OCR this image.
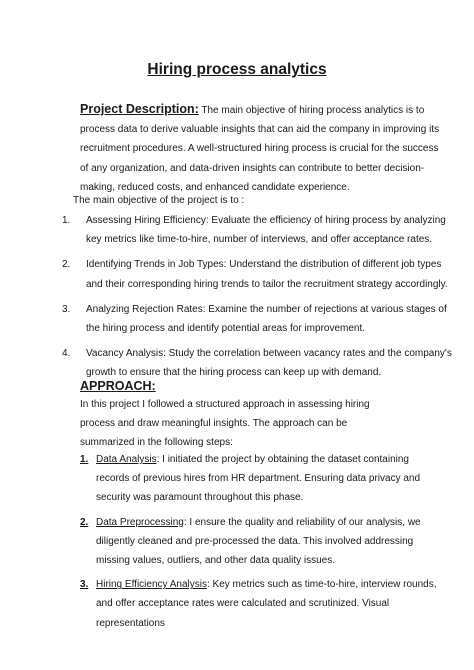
Hiring process analytics

Project Description: The main objective of hiring process analytics is to process data to derive valuable insights that can aid the company in improving its recruitment procedures. A well-structured hiring process is crucial for the success of any organization, and data-driven insights can contribute to better decision-making, reduced costs, and enhanced candidate experience.

The main objective of the project is to :
1. Assessing Hiring Efficiency: Evaluate the efficiency of hiring process by analyzing key metrics like time-to-hire, number of interviews, and offer acceptance rates.
2. Identifying Trends in Job Types: Understand the distribution of different job types and their corresponding hiring trends to tailor the recruitment strategy accordingly.
3. Analyzing Rejection Rates: Examine the number of rejections at various stages of the hiring process and identify potential areas for improvement.
4. Vacancy Analysis: Study the correlation between vacancy rates and the company's growth to ensure that the hiring process can keep up with demand.
APPROACH:
In this project I followed a structured approach in assessing hiring process and draw meaningful insights. The approach can be summarized in the following steps:
1. Data Analysis: I initiated the project by obtaining the dataset containing records of previous hires from HR department. Ensuring data privacy and security was paramount throughout this phase.
2. Data Preprocessing: I ensure the quality and reliability of our analysis, we diligently cleaned and pre-processed the data. This involved addressing missing values, outliers, and other data quality issues.
3. Hiring Efficiency Analysis: Key metrics such as time-to-hire, interview rounds, and offer acceptance rates were calculated and scrutinized. Visual representations
